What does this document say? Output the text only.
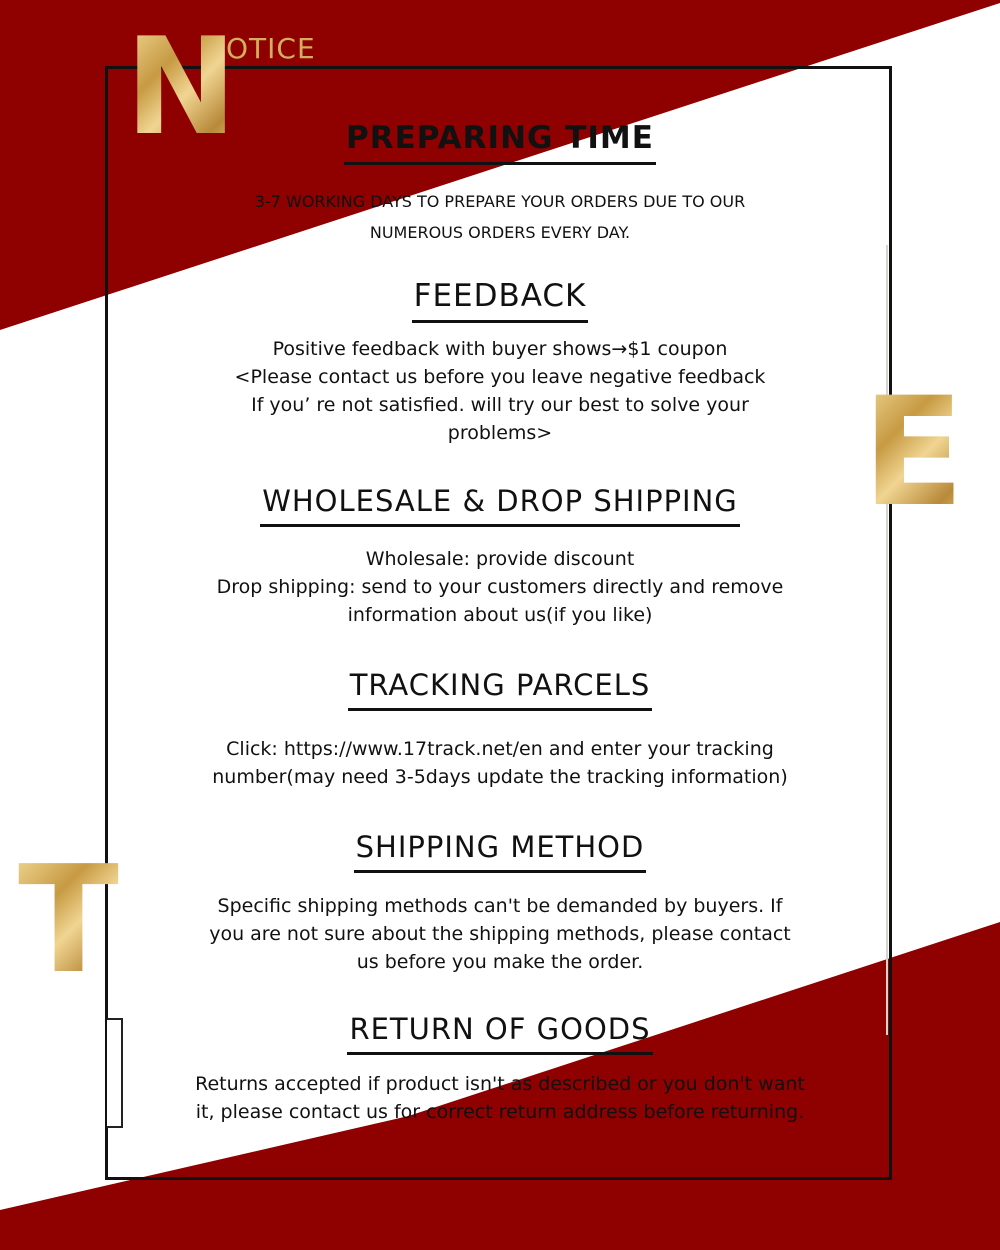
N
OTICE
E
T
PREPARING TIME
3-7 WORKING DAYS TO PREPARE YOUR ORDERS DUE TO OUR
NUMEROUS ORDERS EVERY DAY.
FEEDBACK
Positive feedback with buyer shows→$1 coupon
<Please contact us before you leave negative feedback
If you’ re not satisfied. will try our best to solve your
problems>
WHOLESALE & DROP SHIPPING
Wholesale: provide discount
Drop shipping: send to your customers directly and remove
information about us(if you like)
TRACKING PARCELS
Click: https://www.17track.net/en and enter your tracking
number(may need 3-5days update the tracking information)
SHIPPING METHOD
Specific shipping methods can't be demanded by buyers. If
you are not sure about the shipping methods, please contact
us before you make the order.
RETURN OF GOODS
Returns accepted if product isn't as described or you don't want
it, please contact us for correct return address before returning.
